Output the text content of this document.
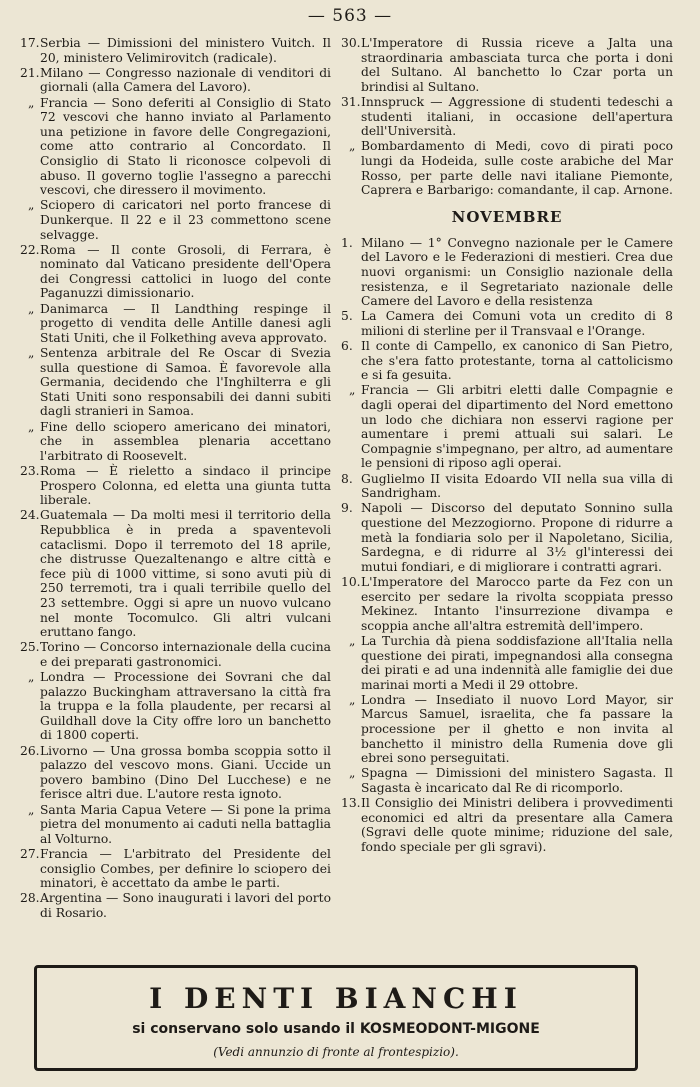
— 563 —
17. Serbia — Dimissioni del ministero Vuitch. Il 20, ministero Velimirovitch (radicale).
21. Milano — Congresso nazionale di venditori di giornali (alla Camera del Lavoro).
„ Francia — Sono deferiti al Consiglio di Stato 72 vescovi che hanno inviato al Parlamento una petizione in favore delle Congregazioni, come atto contrario al Concordato. Il Consiglio di Stato li riconosce colpevoli di abuso. Il governo toglie l'assegno a parecchi vescovi, che diressero il movimento.
„ Sciopero di caricatori nel porto francese di Dunkerque. Il 22 e il 23 commettono scene selvagge.
22. Roma — Il conte Grosoli, di Ferrara, è nominato dal Vaticano presidente dell'Opera dei Congressi cattolici in luogo del conte Paganuzzi dimissionario.
„ Danimarca — Il Landthing respinge il progetto di vendita delle Antille danesi agli Stati Uniti, che il Folkething aveva approvato.
„ Sentenza arbitrale del Re Oscar di Svezia sulla questione di Samoa. È favorevole alla Germania, decidendo che l'Inghilterra e gli Stati Uniti sono responsabili dei danni subiti dagli stranieri in Samoa.
„ Fine dello sciopero americano dei minatori, che in assemblea plenaria accettano l'arbitrato di Roosevelt.
23. Roma — È rieletto a sindaco il principe Prospero Colonna, ed eletta una giunta tutta liberale.
24. Guatemala — Da molti mesi il territorio della Repubblica è in preda a spaventevoli cataclismi. Dopo il terremoto del 18 aprile, che distrusse Quezaltenango e altre città e fece più di 1000 vittime, si sono avuti più di 250 terremoti, tra i quali terribile quello del 23 settembre. Oggi si apre un nuovo vulcano nel monte Tocomulco. Gli altri vulcani eruttano fango.
25. Torino — Concorso internazionale della cucina e dei preparati gastronomici.
„ Londra — Processione dei Sovrani che dal palazzo Buckingham attraversano la città fra la truppa e la folla plaudente, per recarsi al Guildhall dove la City offre loro un banchetto di 1800 coperti.
26. Livorno — Una grossa bomba scoppia sotto il palazzo del vescovo mons. Giani. Uccide un povero bambino (Dino Del Lucchese) e ne ferisce altri due. L'autore resta ignoto.
„ Santa Maria Capua Vetere — Si pone la prima pietra del monumento ai caduti nella battaglia al Volturno.
27. Francia — L'arbitrato del Presidente del consiglio Combes, per definire lo sciopero dei minatori, è accettato da ambe le parti.
28. Argentina — Sono inaugurati i lavori del porto di Rosario.
30. L'Imperatore di Russia riceve a Jalta una straordinaria ambasciata turca che porta i doni del Sultano. Al banchetto lo Czar porta un brindisi al Sultano.
31. Innspruck — Aggressione di studenti tedeschi a studenti italiani, in occasione dell'apertura dell'Università.
„ Bombardamento di Medi, covo di pirati poco lungi da Hodeida, sulle coste arabiche del Mar Rosso, per parte delle navi italiane Piemonte, Caprera e Barbarigo: comandante, il cap. Arnone.
NOVEMBRE
1. Milano — 1° Convegno nazionale per le Camere del Lavoro e le Federazioni di mestieri. Crea due nuovi organismi: un Consiglio nazionale della resistenza, e il Segretariato nazionale delle Camere del Lavoro e della resistenza
5. La Camera dei Comuni vota un credito di 8 milioni di sterline per il Transvaal e l'Orange.
6. Il conte di Campello, ex canonico di San Pietro, che s'era fatto protestante, torna al cattolicismo e si fa gesuita.
„ Francia — Gli arbitri eletti dalle Compagnie e dagli operai del dipartimento del Nord emettono un lodo che dichiara non esservi ragione per aumentare i premi attuali sui salari. Le Compagnie s'impegnano, per altro, ad aumentare le pensioni di riposo agli operai.
8. Guglielmo II visita Edoardo VII nella sua villa di Sandrigham.
9. Napoli — Discorso del deputato Sonnino sulla questione del Mezzogiorno. Propone di ridurre a metà la fondiaria solo per il Napoletano, Sicilia, Sardegna, e di ridurre al 3½ gl'interessi dei mutui fondiari, e di migliorare i contratti agrari.
10. L'Imperatore del Marocco parte da Fez con un esercito per sedare la rivolta scoppiata presso Mekinez. Intanto l'insurrezione divampa e scoppia anche all'altra estremità dell'impero.
„ La Turchia dà piena soddisfazione all'Italia nella questione dei pirati, impegnandosi alla consegna dei pirati e ad una indennità alle famiglie dei due marinai morti a Medi il 29 ottobre.
„ Londra — Insediato il nuovo Lord Mayor, sir Marcus Samuel, israelita, che fa passare la processione per il ghetto e non invita al banchetto il ministro della Rumenia dove gli ebrei sono perseguitati.
„ Spagna — Dimissioni del ministero Sagasta. Il Sagasta è incaricato dal Re di ricomporlo.
13. Il Consiglio dei Ministri delibera i provvedimenti economici ed altri da presentare alla Camera (Sgravi delle quote minime; riduzione del sale, fondo speciale per gli sgravi).
I DENTI BIANCHI
si conservano solo usando il KOSMEODONT-MIGONE
(Vedi annunzio di fronte al frontespizio).
